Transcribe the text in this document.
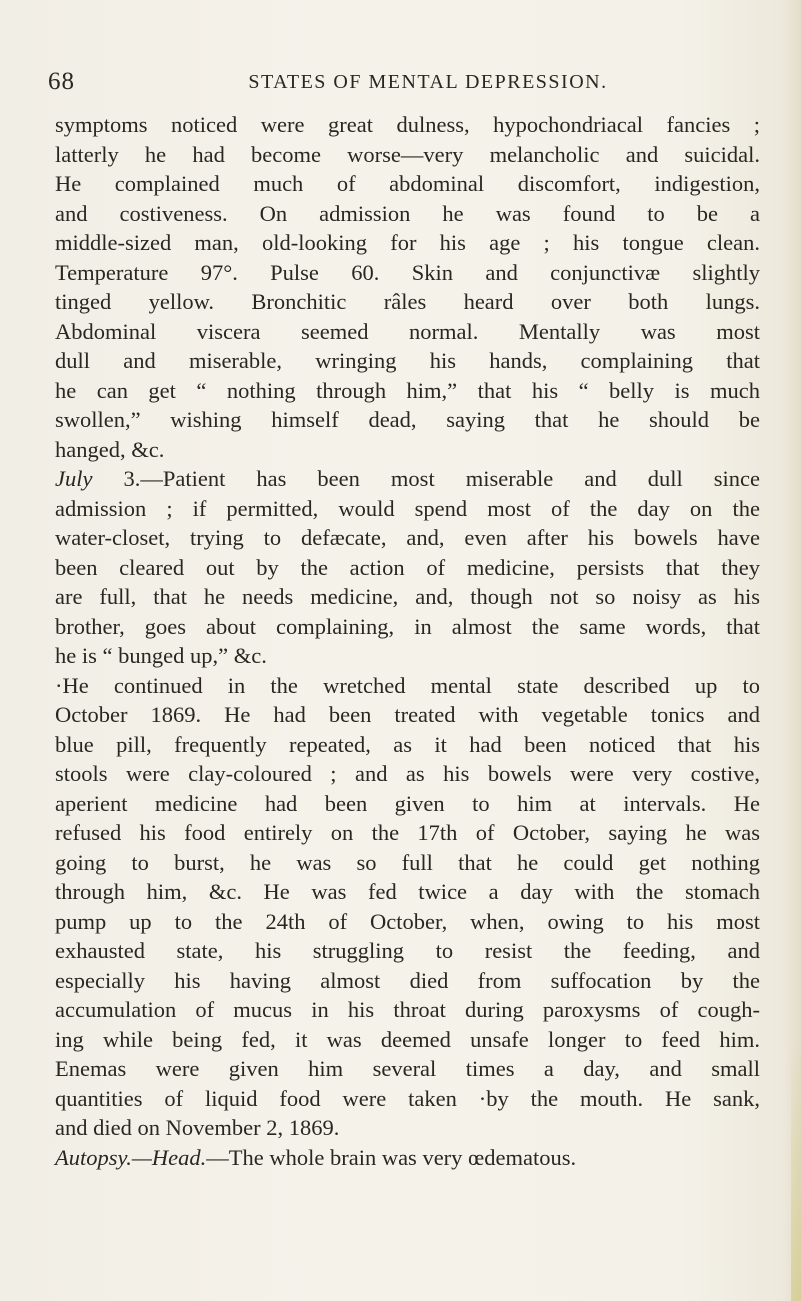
68	STATES OF MENTAL DEPRESSION.
symptoms noticed were great dulness, hypochondriacal fancies ;
latterly he had become worse—very melancholic and suicidal.
He complained much of abdominal discomfort, indigestion,
and costiveness. On admission he was found to be a
middle-sized man, old-looking for his age ; his tongue clean.
Temperature 97°. Pulse 60. Skin and conjunctivæ slightly
tinged yellow. Bronchitic râles heard over both lungs.
Abdominal viscera seemed normal. Mentally was most
dull and miserable, wringing his hands, complaining that
he can get “ nothing through him,” that his “ belly is much
swollen,” wishing himself dead, saying that he should be
hanged, &c.
July 3.—Patient has been most miserable and dull since
admission ; if permitted, would spend most of the day on the
water-closet, trying to defæcate, and, even after his bowels have
been cleared out by the action of medicine, persists that they
are full, that he needs medicine, and, though not so noisy as his
brother, goes about complaining, in almost the same words, that
he is “ bunged up,” &c.
·He continued in the wretched mental state described up to
October 1869. He had been treated with vegetable tonics and
blue pill, frequently repeated, as it had been noticed that his
stools were clay-coloured ; and as his bowels were very costive,
aperient medicine had been given to him at intervals. He
refused his food entirely on the 17th of October, saying he was
going to burst, he was so full that he could get nothing
through him, &c. He was fed twice a day with the stomach
pump up to the 24th of October, when, owing to his most
exhausted state, his struggling to resist the feeding, and
especially his having almost died from suffocation by the
accumulation of mucus in his throat during paroxysms of cough-
ing while being fed, it was deemed unsafe longer to feed him.
Enemas were given him several times a day, and small
quantities of liquid food were taken ·by the mouth. He sank,
and died on November 2, 1869.
Autopsy.—Head.—The whole brain was very œdematous.
